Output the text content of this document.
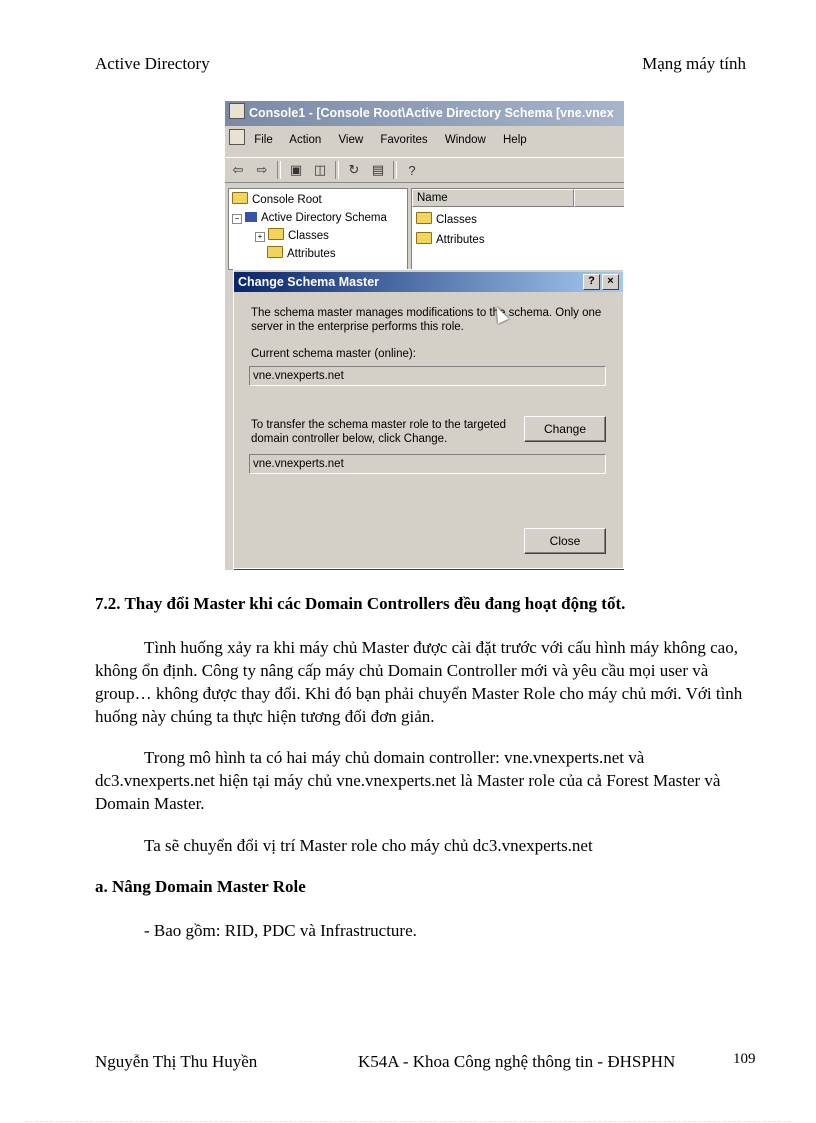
Active Directory	Mạng máy tính
Console1 - [Console Root\Active Directory Schema [vne.vnex
File Action View Favorites Window Help
⇦ ⇨ ▣ ◫ ↻ ▤	?
Console Root
− Active Directory Schema
+ Classes
Attributes
Name
Classes
Attributes
Change Schema Master	?	×
The schema master manages modifications to the schema. Only one
server in the enterprise performs this role.
Current schema master (online):
vne.vnexperts.net
To transfer the schema master role to the targeted
domain controller below, click Change.
Change
vne.vnexperts.net
Close
7.2. Thay đổi Master khi các Domain Controllers đều đang hoạt động tốt.

Tình huống xảy ra khi máy chủ Master được cài đặt trước với cấu hình máy không cao, không ổn định. Công ty nâng cấp máy chủ Domain Controller mới và yêu cầu mọi user và group… không được thay đổi. Khi đó bạn phải chuyển Master Role cho máy chủ mới. Với tình huống này chúng ta thực hiện tương đối đơn giản.

Trong mô hình ta có hai máy chủ domain controller: vne.vnexperts.net và dc3.vnexperts.net hiện tại máy chủ vne.vnexperts.net là Master role của cả Forest Master và Domain Master.

Ta sẽ chuyển đổi vị trí Master role cho máy chủ dc3.vnexperts.net

a. Nâng Domain Master Role

- Bao gồm: RID, PDC và Infrastructure.

Nguyễn Thị Thu Huyền	K54A - Khoa Công nghệ thông tin - ĐHSPHN	109
